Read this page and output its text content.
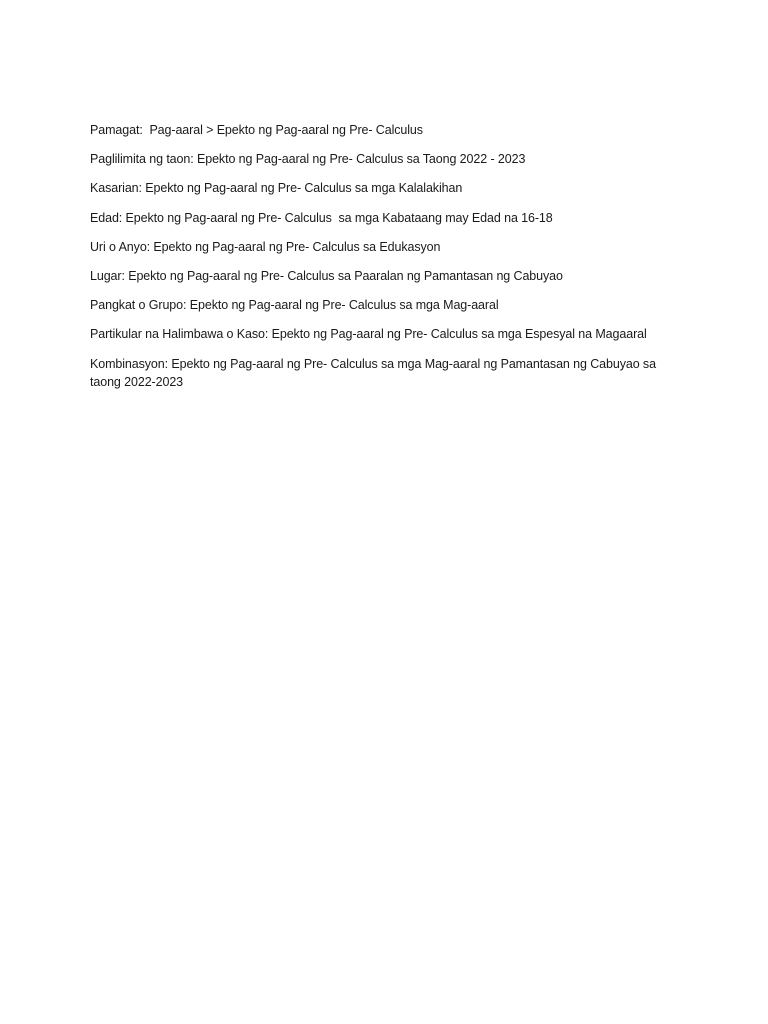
Pamagat:  Pag-aaral > Epekto ng Pag-aaral ng Pre- Calculus

Paglilimita ng taon: Epekto ng Pag-aaral ng Pre- Calculus sa Taong 2022 - 2023

Kasarian: Epekto ng Pag-aaral ng Pre- Calculus sa mga Kalalakihan

Edad: Epekto ng Pag-aaral ng Pre- Calculus  sa mga Kabataang may Edad na 16-18

Uri o Anyo: Epekto ng Pag-aaral ng Pre- Calculus sa Edukasyon

Lugar: Epekto ng Pag-aaral ng Pre- Calculus sa Paaralan ng Pamantasan ng Cabuyao

Pangkat o Grupo: Epekto ng Pag-aaral ng Pre- Calculus sa mga Mag-aaral

Partikular na Halimbawa o Kaso: Epekto ng Pag-aaral ng Pre- Calculus sa mga Espesyal na Magaaral

Kombinasyon: Epekto ng Pag-aaral ng Pre- Calculus sa mga Mag-aaral ng Pamantasan ng Cabuyao sa taong 2022-2023
